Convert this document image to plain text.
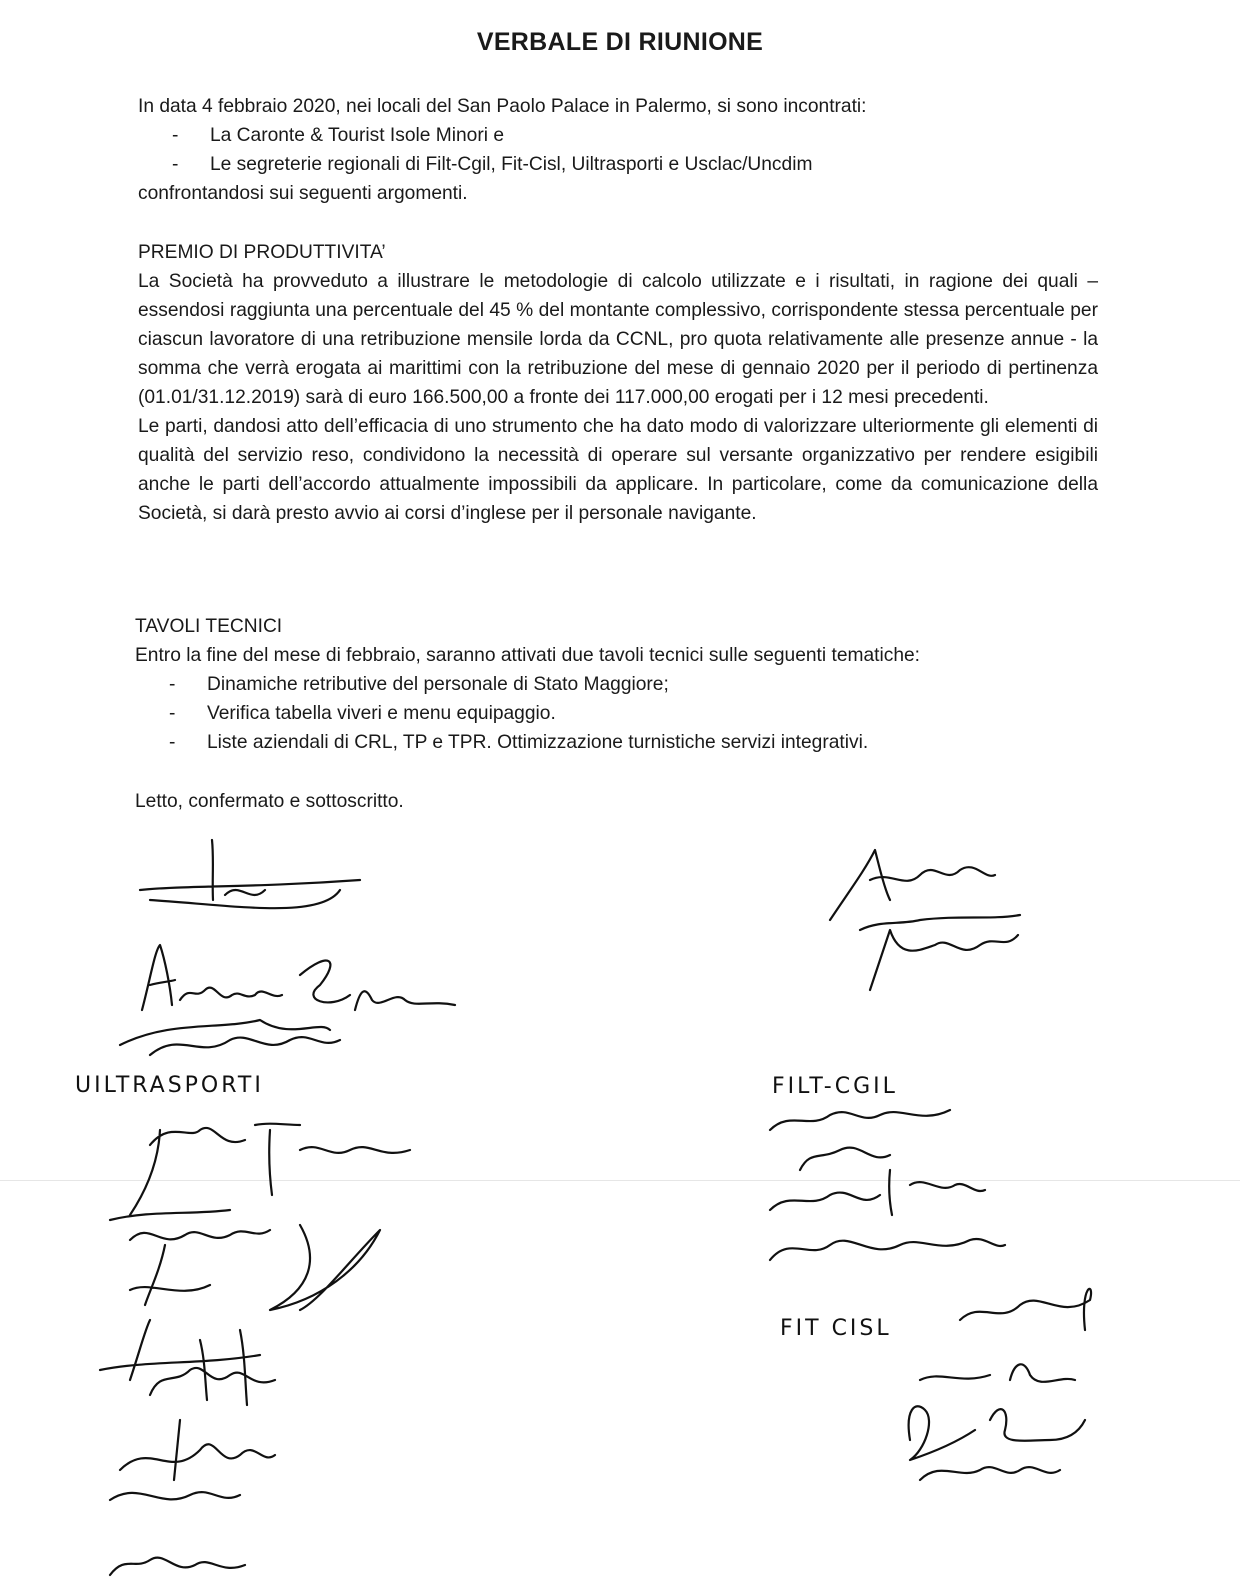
VERBALE DI RIUNIONE

In data 4 febbraio 2020, nei locali del San Paolo Palace in Palermo, si sono incontrati:

- La Caronte & Tourist Isole Minori e
- Le segreterie regionali di Filt-Cgil, Fit-Cisl, Uiltrasporti e Usclac/Uncdim

confrontandosi sui seguenti argomenti.

PREMIO DI PRODUTTIVITA’

La Società ha provveduto a illustrare le metodologie di calcolo utilizzate e i risultati, in ragione dei quali – essendosi raggiunta una percentuale del 45 % del montante complessivo, corrispondente stessa percentuale per ciascun lavoratore di una retribuzione mensile lorda da CCNL, pro quota relativamente alle presenze annue - la somma che verrà erogata ai marittimi con la retribuzione del mese di gennaio 2020 per il periodo di pertinenza (01.01/31.12.2019) sarà di euro 166.500,00 a fronte dei 117.000,00 erogati per i 12 mesi precedenti.

Le parti, dandosi atto dell’efficacia di uno strumento che ha dato modo di valorizzare ulteriormente gli elementi di qualità del servizio reso, condividono la necessità di operare sul versante organizzativo per rendere esigibili anche le parti dell’accordo attualmente impossibili da applicare. In particolare, come da comunicazione della Società, si darà presto avvio ai corsi d’inglese per il personale navigante.

TAVOLI TECNICI

Entro la fine del mese di febbraio, saranno attivati due tavoli tecnici sulle seguenti tematiche:

- Dinamiche retributive del personale di Stato Maggiore;
- Verifica tabella viveri e menu equipaggio.
- Liste aziendali di CRL, TP e TPR. Ottimizzazione turnistiche servizi integrativi.
Letto, confermato e sottoscritto.
UILTRASPORTI	FILT-CGIL
FIT CISL
